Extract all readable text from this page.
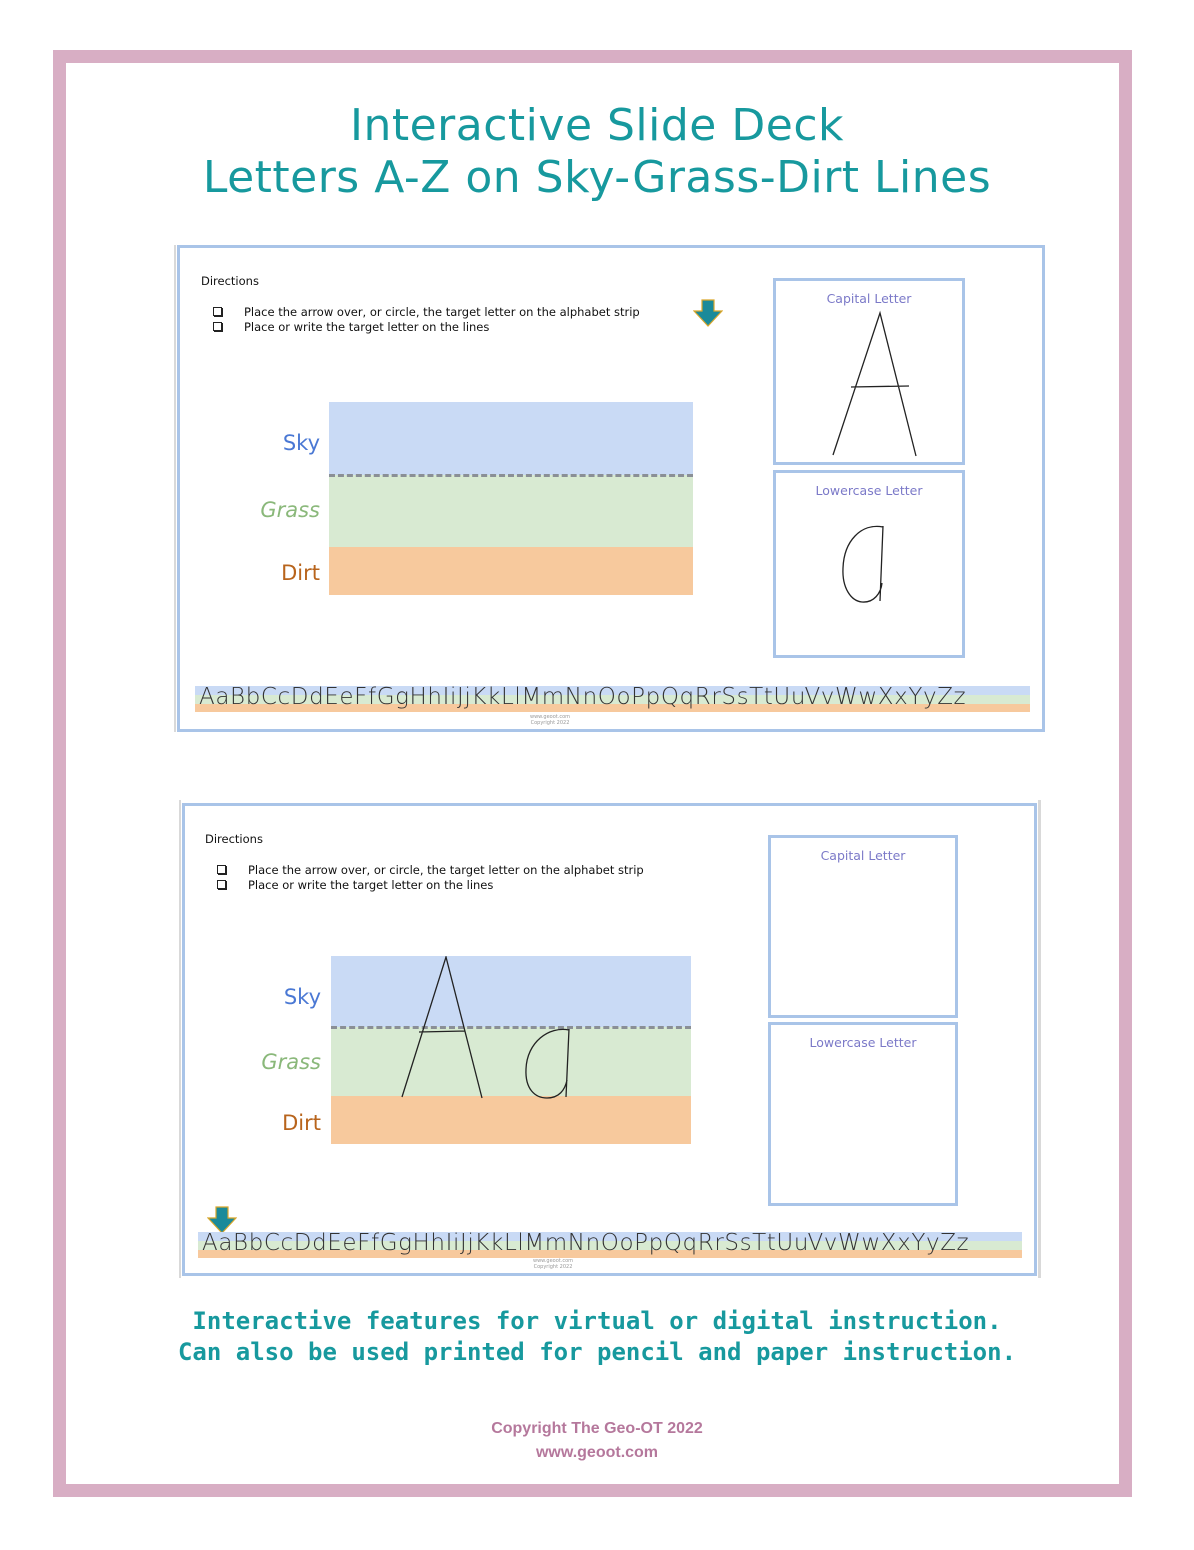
Interactive Slide Deck
Letters A-Z on Sky-Grass-Dirt Lines
Directions
Place the arrow over, or circle, the target letter on the alphabet strip
Place or write the target letter on the lines
Sky
Grass
Dirt
Capital Letter
Lowercase Letter
AaBbCcDdEeFfGgHhIiJjKkLlMmNnOoPpQqRrSsTtUuVvWwXxYyZz
www.geoot.com
Copyright 2022
Directions
Place the arrow over, or circle, the target letter on the alphabet strip
Place or write the target letter on the lines
Sky
Grass
Dirt
Capital Letter
Lowercase Letter
AaBbCcDdEeFfGgHhIiJjKkLlMmNnOoPpQqRrSsTtUuVvWwXxYyZz
www.geoot.com
Copyright 2022
Interactive features for virtual or digital instruction.
Can also be used printed for pencil and paper instruction.
Copyright The Geo-OT 2022
www.geoot.com
